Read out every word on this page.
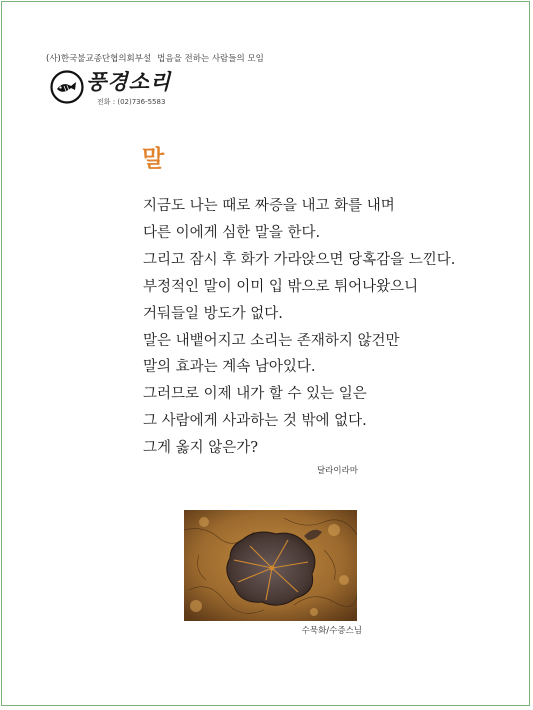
(사)한국불교종단협의회부설 법음을 전하는 사람들의 모임
풍경소리
전화 : (02)736-5583
말
지금도 나는 때로 짜증을 내고 화를 내며
다른 이에게 심한 말을 한다.
그리고 잠시 후 화가 가라앉으면 당혹감을 느낀다.
부정적인 말이 이미 입 밖으로 튀어나왔으니
거둬들일 방도가 없다.
말은 내뱉어지고 소리는 존재하지 않건만
말의 효과는 계속 남아있다.
그러므로 이제 내가 할 수 있는 일은
그 사람에게 사과하는 것 밖에 없다.
그게 옳지 않은가?
달라이라마
수묵화/수증스님
